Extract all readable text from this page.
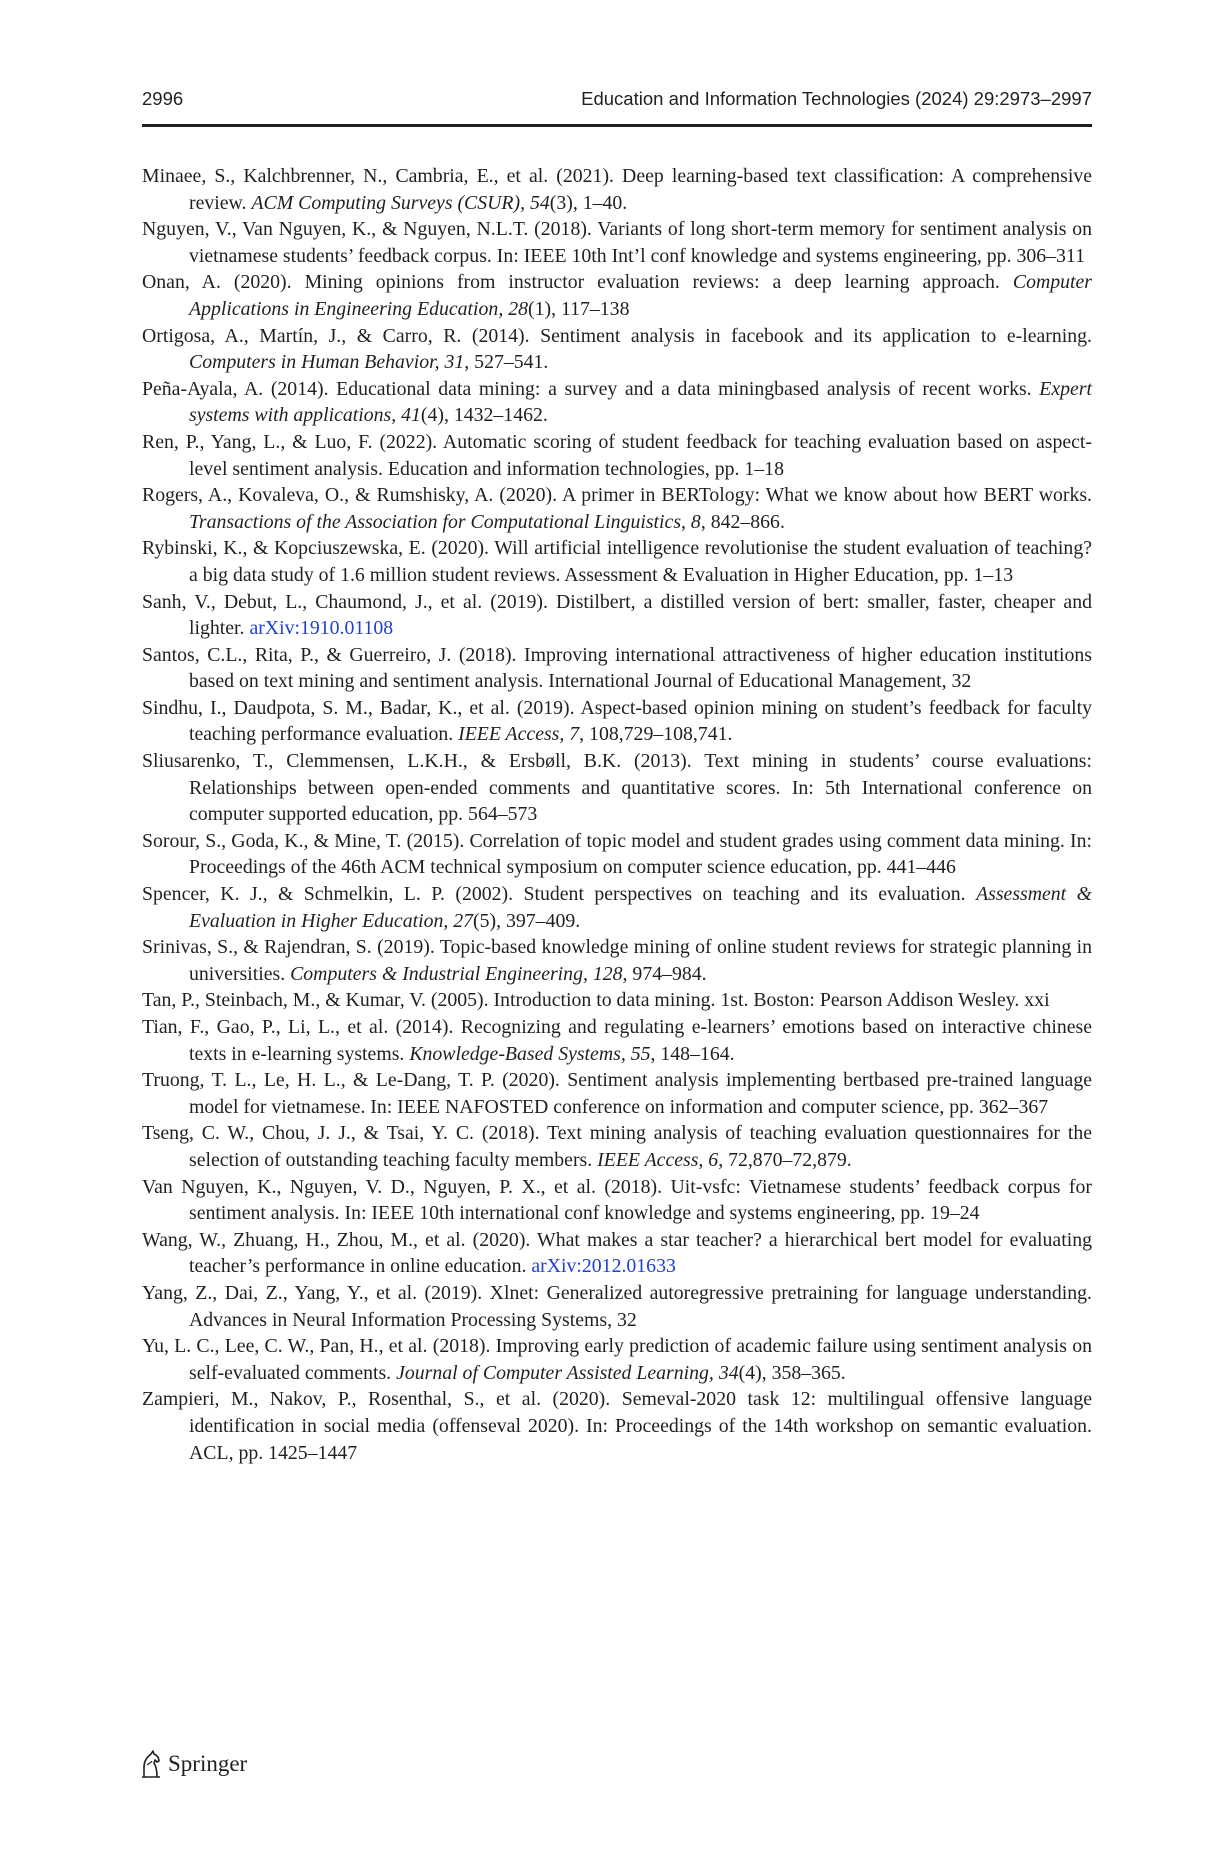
2996	Education and Information Technologies (2024) 29:2973–2997
Minaee, S., Kalchbrenner, N., Cambria, E., et al. (2021). Deep learning-based text classification: A comprehensive review. ACM Computing Surveys (CSUR), 54(3), 1–40.
Nguyen, V., Van Nguyen, K., & Nguyen, N.L.T. (2018). Variants of long short-term memory for sentiment analysis on vietnamese students’ feedback corpus. In: IEEE 10th Int’l conf knowledge and systems engineering, pp. 306–311
Onan, A. (2020). Mining opinions from instructor evaluation reviews: a deep learning approach. Computer Applications in Engineering Education, 28(1), 117–138
Ortigosa, A., Martín, J., & Carro, R. (2014). Sentiment analysis in facebook and its application to e-learning. Computers in Human Behavior, 31, 527–541.
Peña-Ayala, A. (2014). Educational data mining: a survey and a data miningbased analysis of recent works. Expert systems with applications, 41(4), 1432–1462.
Ren, P., Yang, L., & Luo, F. (2022). Automatic scoring of student feedback for teaching evaluation based on aspect-level sentiment analysis. Education and information technologies, pp. 1–18
Rogers, A., Kovaleva, O., & Rumshisky, A. (2020). A primer in BERTology: What we know about how BERT works. Transactions of the Association for Computational Linguistics, 8, 842–866.
Rybinski, K., & Kopciuszewska, E. (2020). Will artificial intelligence revolutionise the student evaluation of teaching? a big data study of 1.6 million student reviews. Assessment & Evaluation in Higher Education, pp. 1–13
Sanh, V., Debut, L., Chaumond, J., et al. (2019). Distilbert, a distilled version of bert: smaller, faster, cheaper and lighter. arXiv:1910.01108
Santos, C.L., Rita, P., & Guerreiro, J. (2018). Improving international attractiveness of higher education institutions based on text mining and sentiment analysis. International Journal of Educational Management, 32
Sindhu, I., Daudpota, S. M., Badar, K., et al. (2019). Aspect-based opinion mining on student’s feedback for faculty teaching performance evaluation. IEEE Access, 7, 108,729–108,741.
Sliusarenko, T., Clemmensen, L.K.H., & Ersbøll, B.K. (2013). Text mining in students’ course evaluations: Relationships between open-ended comments and quantitative scores. In: 5th International conference on computer supported education, pp. 564–573
Sorour, S., Goda, K., & Mine, T. (2015). Correlation of topic model and student grades using comment data mining. In: Proceedings of the 46th ACM technical symposium on computer science education, pp. 441–446
Spencer, K. J., & Schmelkin, L. P. (2002). Student perspectives on teaching and its evaluation. Assessment & Evaluation in Higher Education, 27(5), 397–409.
Srinivas, S., & Rajendran, S. (2019). Topic-based knowledge mining of online student reviews for strategic planning in universities. Computers & Industrial Engineering, 128, 974–984.
Tan, P., Steinbach, M., & Kumar, V. (2005). Introduction to data mining. 1st. Boston: Pearson Addison Wesley. xxi
Tian, F., Gao, P., Li, L., et al. (2014). Recognizing and regulating e-learners’ emotions based on interactive chinese texts in e-learning systems. Knowledge-Based Systems, 55, 148–164.
Truong, T. L., Le, H. L., & Le-Dang, T. P. (2020). Sentiment analysis implementing bertbased pre-trained language model for vietnamese. In: IEEE NAFOSTED conference on information and computer science, pp. 362–367
Tseng, C. W., Chou, J. J., & Tsai, Y. C. (2018). Text mining analysis of teaching evaluation questionnaires for the selection of outstanding teaching faculty members. IEEE Access, 6, 72,870–72,879.
Van Nguyen, K., Nguyen, V. D., Nguyen, P. X., et al. (2018). Uit-vsfc: Vietnamese students’ feedback corpus for sentiment analysis. In: IEEE 10th international conf knowledge and systems engineering, pp. 19–24
Wang, W., Zhuang, H., Zhou, M., et al. (2020). What makes a star teacher? a hierarchical bert model for evaluating teacher’s performance in online education. arXiv:2012.01633
Yang, Z., Dai, Z., Yang, Y., et al. (2019). Xlnet: Generalized autoregressive pretraining for language understanding. Advances in Neural Information Processing Systems, 32
Yu, L. C., Lee, C. W., Pan, H., et al. (2018). Improving early prediction of academic failure using sentiment analysis on self-evaluated comments. Journal of Computer Assisted Learning, 34(4), 358–365.
Zampieri, M., Nakov, P., Rosenthal, S., et al. (2020). Semeval-2020 task 12: multilingual offensive language identification in social media (offenseval 2020). In: Proceedings of the 14th workshop on semantic evaluation. ACL, pp. 1425–1447
Springer
